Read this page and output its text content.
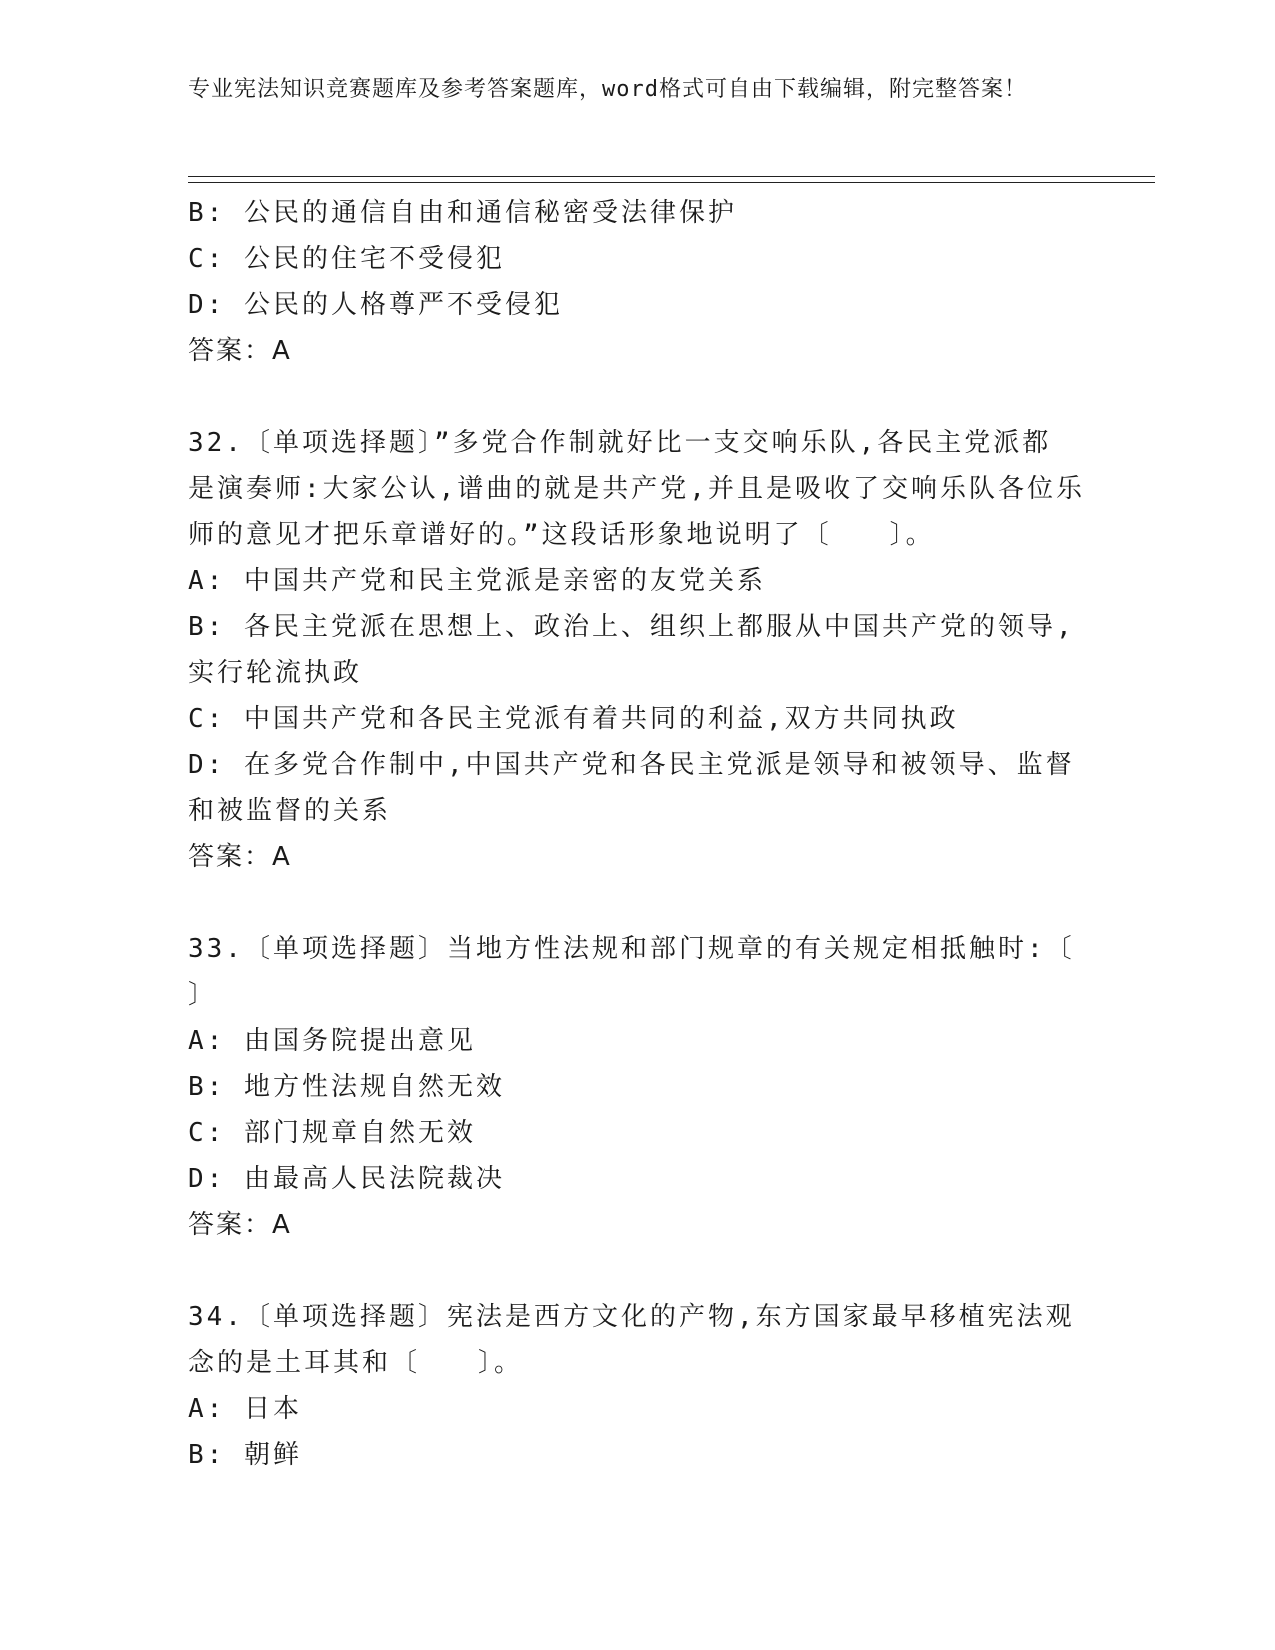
专业宪法知识竞赛题库及参考答案题库，word格式可自由下载编辑，附完整答案！
B: 公民的通信自由和通信秘密受法律保护
C: 公民的住宅不受侵犯
D: 公民的人格尊严不受侵犯
答案：A
32.〔单项选择题〕”多党合作制就好比一支交响乐队,各民主党派都
是演奏师:大家公认,谱曲的就是共产党,并且是吸收了交响乐队各位乐
师的意见才把乐章谱好的。”这段话形象地说明了〔　　〕。
A: 中国共产党和民主党派是亲密的友党关系
B: 各民主党派在思想上、政治上、组织上都服从中国共产党的领导,
实行轮流执政
C: 中国共产党和各民主党派有着共同的利益,双方共同执政
D: 在多党合作制中,中国共产党和各民主党派是领导和被领导、监督
和被监督的关系
答案：A
33.〔单项选择题〕当地方性法规和部门规章的有关规定相抵触时:〔
〕
A: 由国务院提出意见
B: 地方性法规自然无效
C: 部门规章自然无效
D: 由最高人民法院裁决
答案：A
34.〔单项选择题〕宪法是西方文化的产物,东方国家最早移植宪法观
念的是土耳其和〔　　〕。
A: 日本
B: 朝鲜
